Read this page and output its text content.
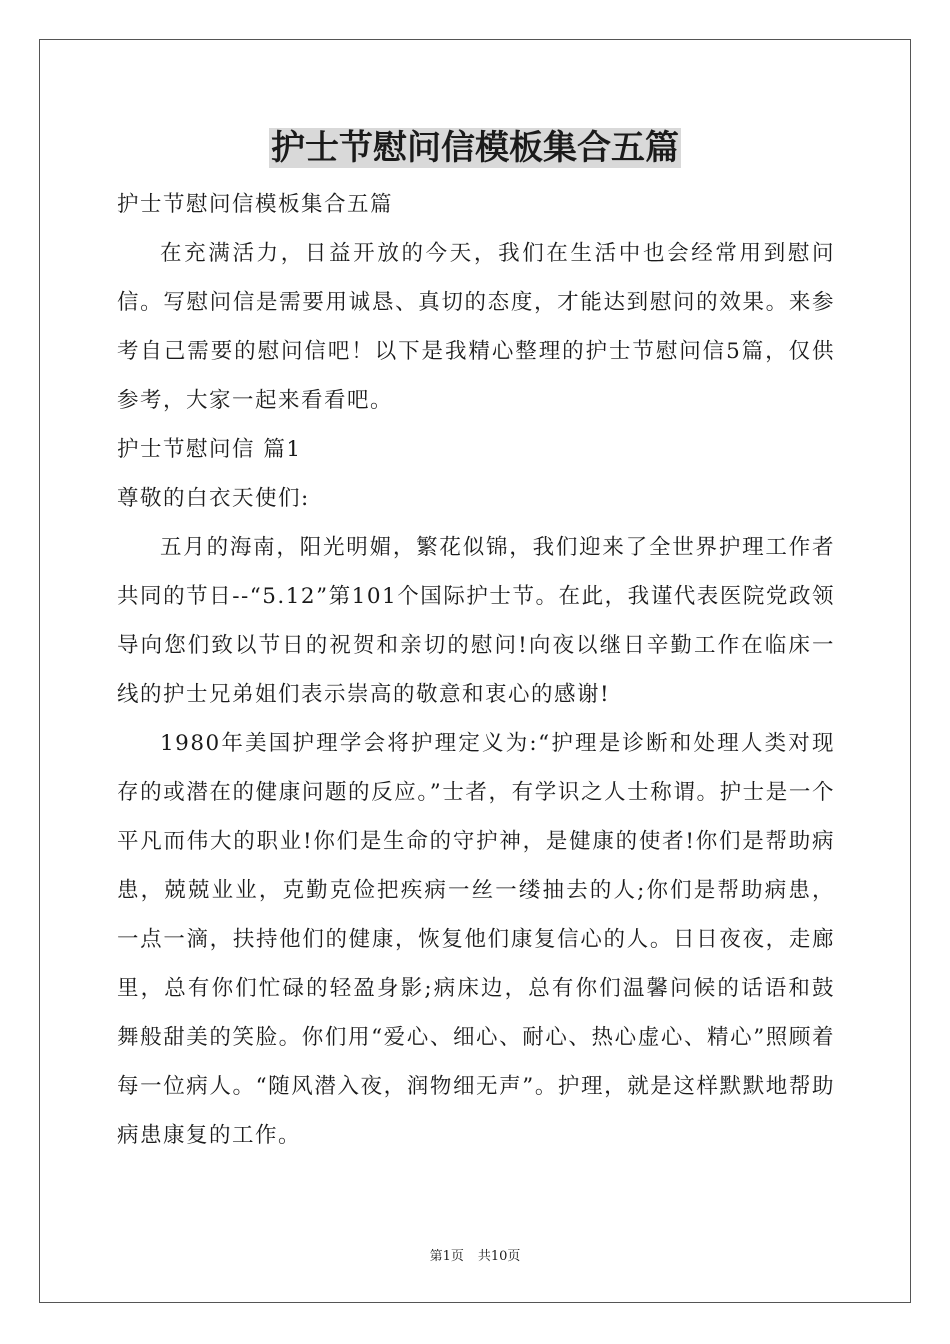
护士节慰问信模板集合五篇

护士节慰问信模板集合五篇

在充满活力，日益开放的今天，我们在生活中也会经常用到慰问信。写慰问信是需要用诚恳、真切的态度，才能达到慰问的效果。来参考自己需要的慰问信吧！以下是我精心整理的护士节慰问信5篇，仅供参考，大家一起来看看吧。

护士节慰问信 篇1

尊敬的白衣天使们:

五月的海南，阳光明媚，繁花似锦，我们迎来了全世界护理工作者共同的节日--“5.12”第101个国际护士节。在此，我谨代表医院党政领导向您们致以节日的祝贺和亲切的慰问!向夜以继日辛勤工作在临床一线的护士兄弟姐们表示崇高的敬意和衷心的感谢!

1980年美国护理学会将护理定义为:“护理是诊断和处理人类对现存的或潜在的健康问题的反应。”士者，有学识之人士称谓。护士是一个平凡而伟大的职业!你们是生命的守护神，是健康的使者!你们是帮助病患，兢兢业业，克勤克俭把疾病一丝一缕抽去的人;你们是帮助病患，一点一滴，扶持他们的健康，恢复他们康复信心的人。日日夜夜，走廊里，总有你们忙碌的轻盈身影;病床边，总有你们温馨问候的话语和鼓舞般甜美的笑脸。你们用“爱心、细心、耐心、热心虚心、精心”照顾着每一位病人。“随风潜入夜，润物细无声”。护理，就是这样默默地帮助病患康复的工作。

第1页 共10页
